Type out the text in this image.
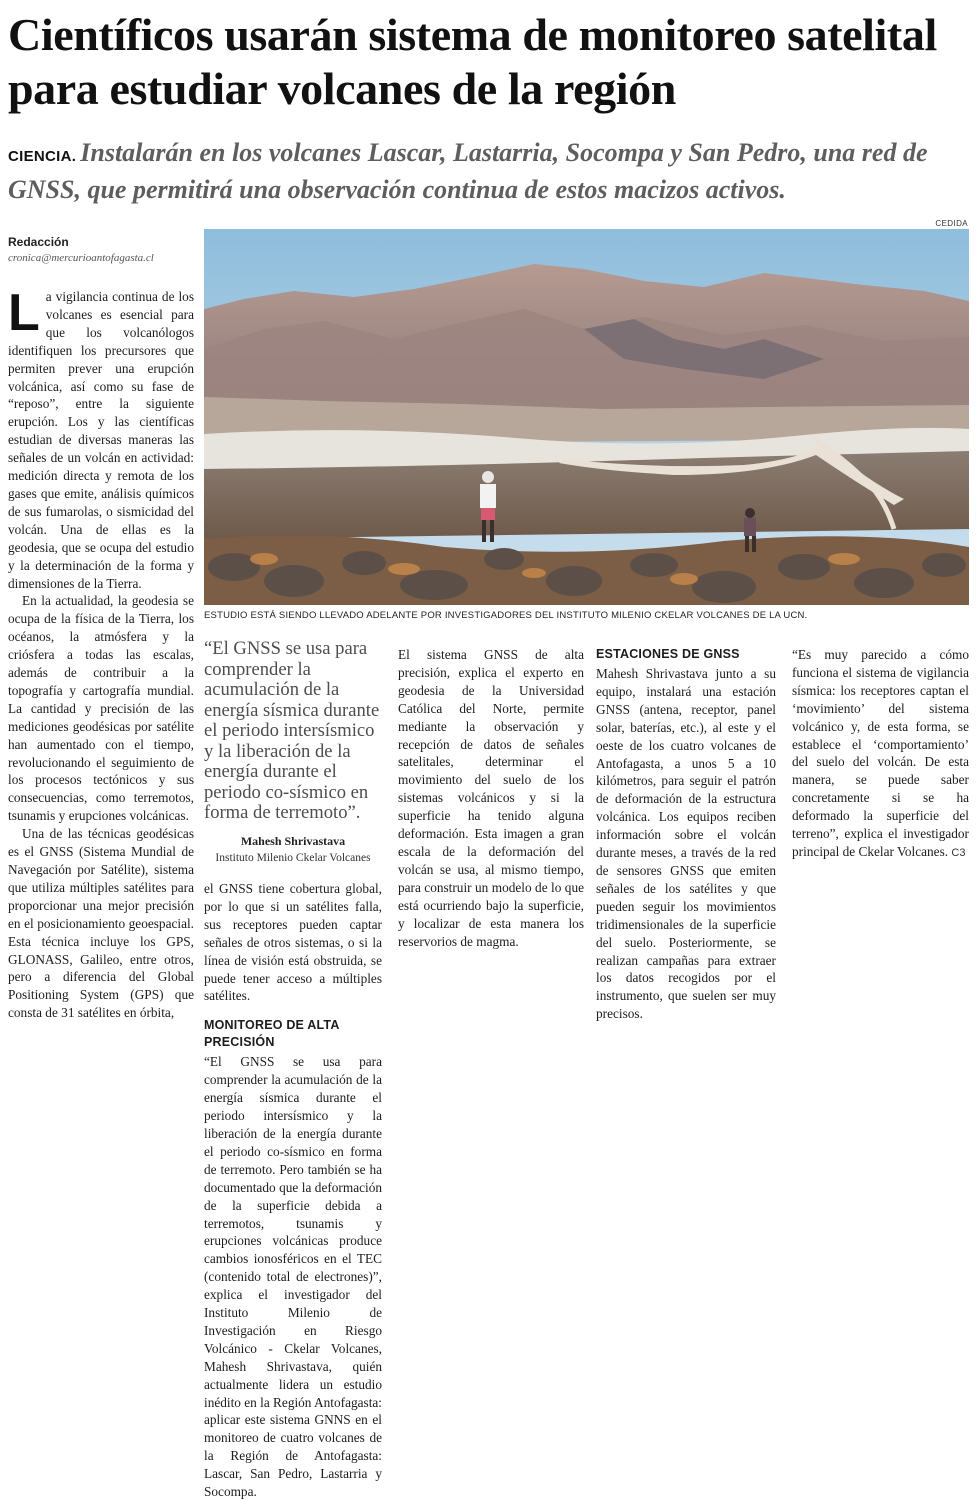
Científicos usarán sistema de monitoreo satelital para estudiar volcanes de la región
CIENCIA. Instalarán en los volcanes Lascar, Lastarria, Socompa y San Pedro, una red de GNSS, que permitirá una observación continua de estos macizos activos.
CEDIDA
Redacción
cronica@mercurioantofagasta.cl
ESTUDIO ESTÁ SIENDO LLEVADO ADELANTE POR INVESTIGADORES DEL INSTITUTO MILENIO CKELAR VOLCANES DE LA UCN.

La vigilancia continua de los volcanes es esencial para que los volcanólogos identifiquen los precursores que permiten prever una erupción volcánica, así como su fase de “reposo”, entre la siguiente erupción. Los y las científicas estudian de diversas maneras las señales de un volcán en actividad: medición directa y remota de los gases que emite, análisis químicos de sus fumarolas, o sismicidad del volcán. Una de ellas es la geodesia, que se ocupa del estudio y la determinación de la forma y dimensiones de la Tierra.

En la actualidad, la geodesia se ocupa de la física de la Tierra, los océanos, la atmósfera y la criósfera a todas las escalas, además de contribuir a la topografía y cartografía mundial. La cantidad y precisión de las mediciones geodésicas por satélite han aumentado con el tiempo, revolucionando el seguimiento de los procesos tectónicos y sus consecuencias, como terremotos, tsunamis y erupciones volcánicas.

Una de las técnicas geodésicas es el GNSS (Sistema Mundial de Navegación por Satélite), sistema que utiliza múltiples satélites para proporcionar una mejor precisión en el posicionamiento geoespacial. Esta técnica incluye los GPS, GLONASS, Galileo, entre otros, pero a diferencia del Global Positioning System (GPS) que consta de 31 satélites en órbita,

“El GNSS se usa para comprender la acumulación de la energía sísmica durante el periodo intersísmico y la liberación de la energía durante el periodo co-sísmico en forma de terremoto”.
Mahesh Shrivastava
Instituto Milenio Ckelar Volcanes

el GNSS tiene cobertura global, por lo que si un satélites falla, sus receptores pueden captar señales de otros sistemas, o si la línea de visión está obstruida, se puede tener acceso a múltiples satélites.

MONITOREO DE ALTA PRECISIÓN

“El GNSS se usa para comprender la acumulación de la energía sísmica durante el periodo intersísmico y la liberación de la energía durante el periodo co-sísmico en forma de terremoto. Pero también se ha documentado que la deformación de la superficie debida a terremotos, tsunamis y erupciones volcánicas produce cambios ionosféricos en el TEC (contenido total de electrones)”, explica el investigador del Instituto Milenio de Investigación en Riesgo Volcánico - Ckelar Volcanes, Mahesh Shrivastava, quién actualmente lidera un estudio inédito en la Región Antofagasta: aplicar este sistema GNNS en el monitoreo de cuatro volcanes de la Región de Antofagasta: Lascar, San Pedro, Lastarria y Socompa.

El sistema GNSS de alta precisión, explica el experto en geodesia de la Universidad Católica del Norte, permite mediante la observación y recepción de datos de señales satelitales, determinar el movimiento del suelo de los sistemas volcánicos y si la superficie ha tenido alguna deformación. Esta imagen a gran escala de la deformación del volcán se usa, al mismo tiempo, para construir un modelo de lo que está ocurriendo bajo la superficie, y localizar de esta manera los reservorios de magma.

ESTACIONES DE GNSS

Mahesh Shrivastava junto a su equipo, instalará una estación GNSS (antena, receptor, panel solar, baterías, etc.), al este y el oeste de los cuatro volcanes de Antofagasta, a unos 5 a 10 kilómetros, para seguir el patrón de deformación de la estructura volcánica. Los equipos reciben información sobre el volcán durante meses, a través de la red de sensores GNSS que emiten señales de los satélites y que pueden seguir los movimientos tridimensionales de la superficie del suelo. Posteriormente, se realizan campañas para extraer los datos recogidos por el instrumento, que suelen ser muy precisos.

“Es muy parecido a cómo funciona el sistema de vigilancia sísmica: los receptores captan el ‘movimiento’ del sistema volcánico y, de esta forma, se establece el ‘comportamiento’ del suelo del volcán. De esta manera, se puede saber concretamente si se ha deformado la superficie del terreno”, explica el investigador principal de Ckelar Volcanes. C3
